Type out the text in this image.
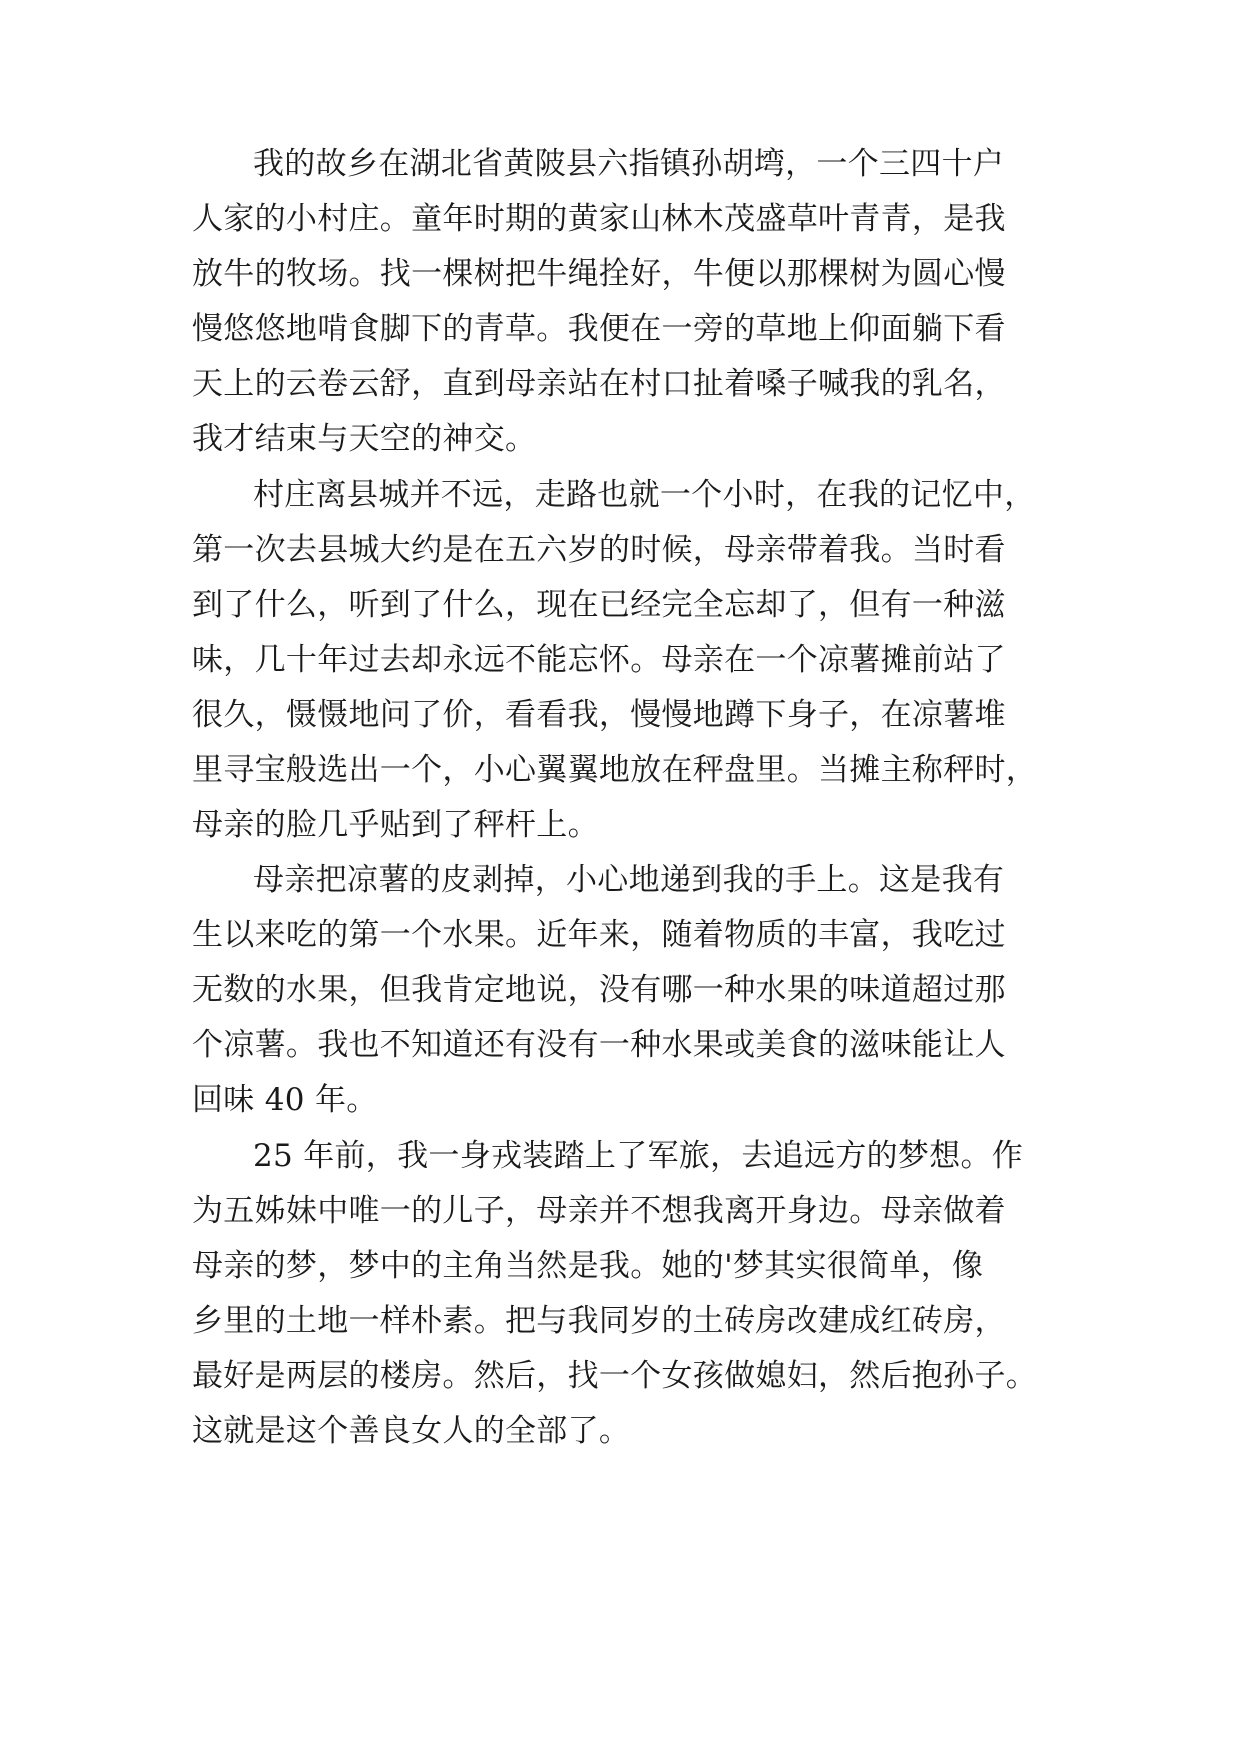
我的故乡在湖北省黄陂县六指镇孙胡塆，一个三四十户
人家的小村庄。童年时期的黄家山林木茂盛草叶青青，是我
放牛的牧场。找一棵树把牛绳拴好，牛便以那棵树为圆心慢
慢悠悠地啃食脚下的青草。我便在一旁的草地上仰面躺下看
天上的云卷云舒，直到母亲站在村口扯着嗓子喊我的乳名，
我才结束与天空的神交。
村庄离县城并不远，走路也就一个小时，在我的记忆中，
第一次去县城大约是在五六岁的时候，母亲带着我。当时看
到了什么，听到了什么，现在已经完全忘却了，但有一种滋
味，几十年过去却永远不能忘怀。母亲在一个凉薯摊前站了
很久，慑慑地问了价，看看我，慢慢地蹲下身子，在凉薯堆
里寻宝般选出一个，小心翼翼地放在秤盘里。当摊主称秤时，
母亲的脸几乎贴到了秤杆上。
母亲把凉薯的皮剥掉，小心地递到我的手上。这是我有
生以来吃的第一个水果。近年来，随着物质的丰富，我吃过
无数的水果，但我肯定地说，没有哪一种水果的味道超过那
个凉薯。我也不知道还有没有一种水果或美食的滋味能让人
回味 40 年。
25 年前，我一身戎装踏上了军旅，去追远方的梦想。作
为五姊妹中唯一的儿子，母亲并不想我离开身边。母亲做着
母亲的梦，梦中的主角当然是我。她的'梦其实很简单，像
乡里的土地一样朴素。把与我同岁的土砖房改建成红砖房，
最好是两层的楼房。然后，找一个女孩做媳妇，然后抱孙子。
这就是这个善良女人的全部了。
